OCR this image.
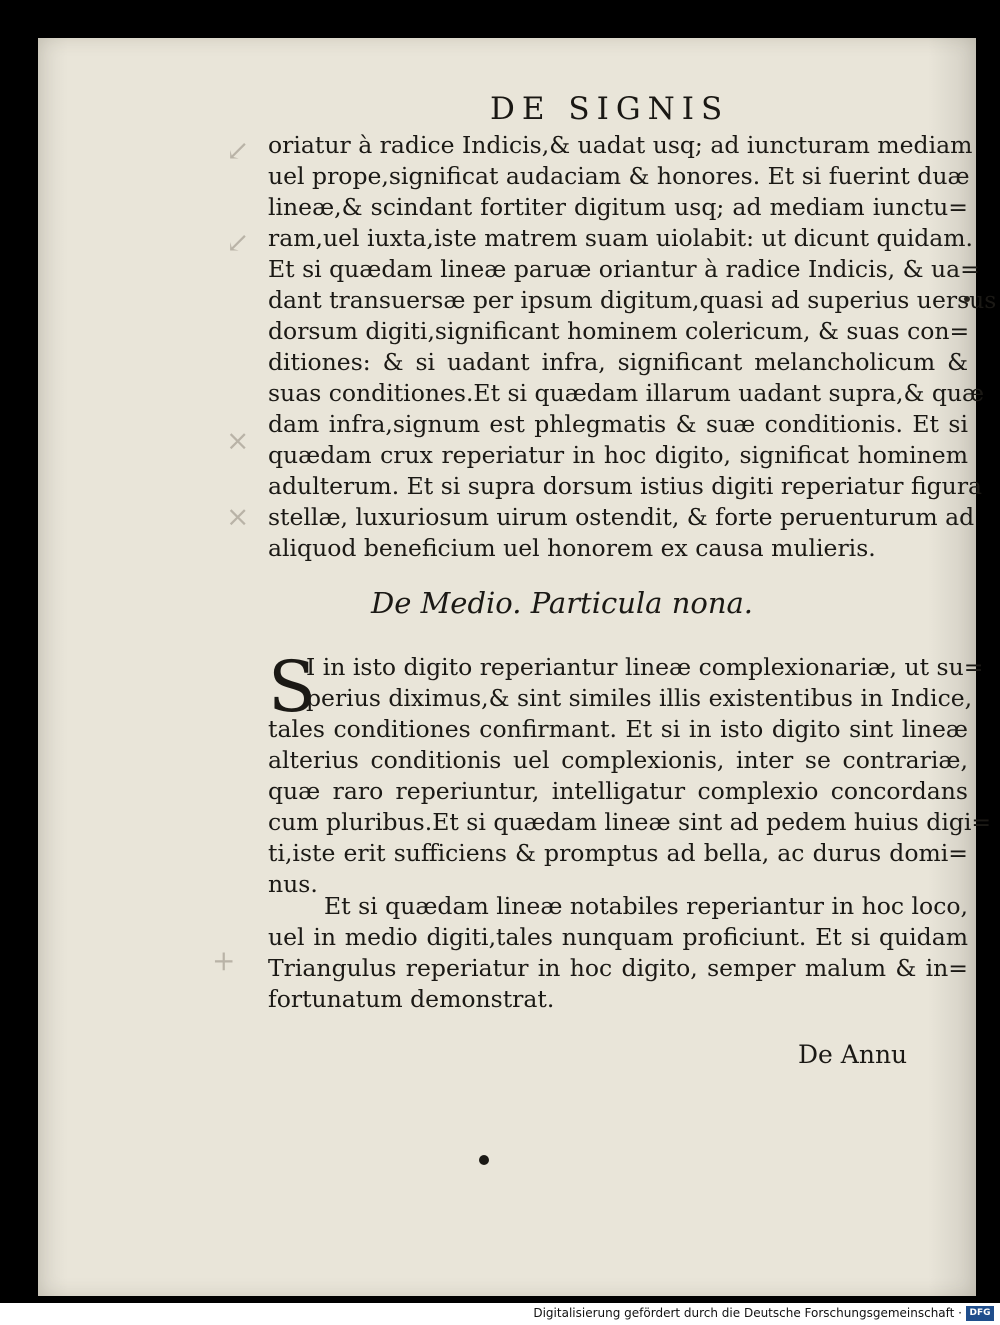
DE SIGNIS
↙
↙
×
×
+
oriatur à radice Indicis,& uadat usq; ad iuncturam mediam
uel prope,significat audaciam & honores. Et si fuerint duæ
lineæ,& scindant fortiter digitum usq; ad mediam iunctu=
ram,uel iuxta,iste matrem suam uiolabit: ut dicunt quidam.
Et si quædam lineæ paruæ oriantur à radice Indicis, & ua=
dant transuersæ per ipsum digitum,quasi ad superius uersus
dorsum digiti,significant hominem colericum, & suas con=
ditiones: & si uadant infra, significant melancholicum &
suas conditiones.Et si quædam illarum uadant supra,& quæ
dam infra,signum est phlegmatis & suæ conditionis. Et si
quædam crux reperiatur in hoc digito, significat hominem
adulterum. Et si supra dorsum istius digiti reperiatur figura
stellæ, luxuriosum uirum ostendit, & forte peruenturum ad
aliquod beneficium uel honorem ex causa mulieris.
De Medio. Particula nona.
S
I in isto digito reperiantur lineæ complexionariæ, ut su=
perius diximus,& sint similes illis existentibus in Indice,
tales conditiones confirmant. Et si in isto digito sint lineæ
alterius conditionis uel complexionis, inter se contrariæ,
quæ raro reperiuntur, intelligatur complexio concordans
cum pluribus.Et si quædam lineæ sint ad pedem huius digi=
ti,iste erit sufficiens & promptus ad bella, ac durus domi=
nus.
Et si quædam lineæ notabiles reperiantur in hoc loco,
uel in medio digiti,tales nunquam proficiunt. Et si quidam
Triangulus reperiatur in hoc digito, semper malum & in=
fortunatum demonstrat.
De Annu
Digitalisierung gefördert durch die Deutsche Forschungsgemeinschaft · DFG
